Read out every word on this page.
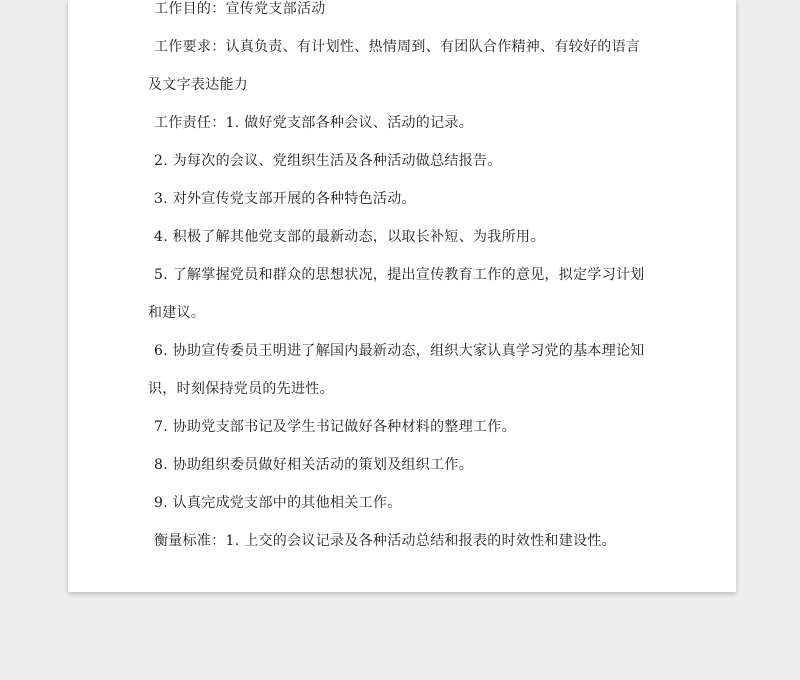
工作目的：宣传党支部活动
工作要求：认真负责、有计划性、热情周到、有团队合作精神、有较好的语言
及文字表达能力
工作责任：1. 做好党支部各种会议、活动的记录。
2. 为每次的会议、党组织生活及各种活动做总结报告。
3. 对外宣传党支部开展的各种特色活动。
4. 积极了解其他党支部的最新动态，以取长补短、为我所用。
5. 了解掌握党员和群众的思想状况，提出宣传教育工作的意见，拟定学习计划
和建议。
6. 协助宣传委员王明进了解国内最新动态，组织大家认真学习党的基本理论知
识，时刻保持党员的先进性。
7. 协助党支部书记及学生书记做好各种材料的整理工作。
8. 协助组织委员做好相关活动的策划及组织工作。
9. 认真完成党支部中的其他相关工作。
衡量标准：1. 上交的会议记录及各种活动总结和报表的时效性和建设性。
